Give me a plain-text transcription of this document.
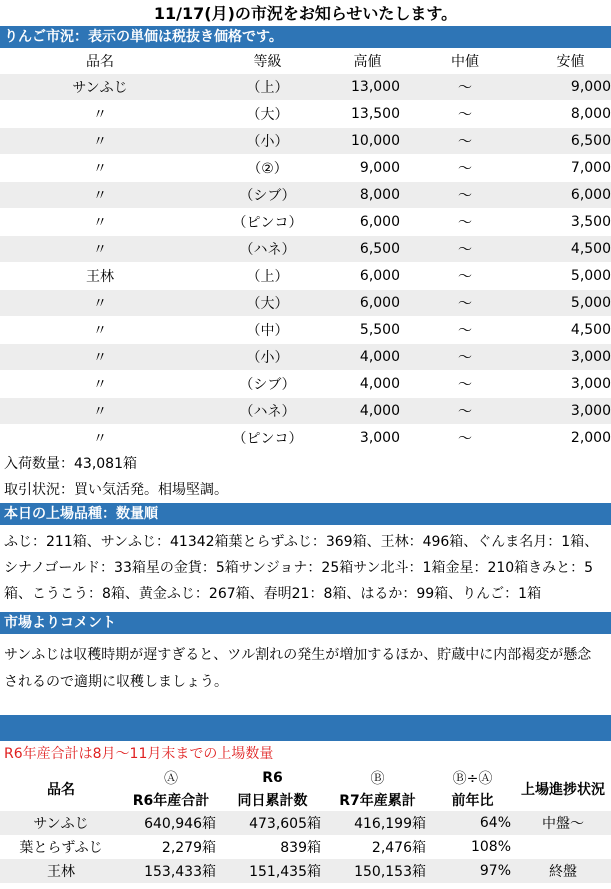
11/17(月)の市況をお知らせいたします。
りんご市況：表示の単価は税抜き価格です。
品名	等級	高値	中値	安値
サンふじ	（上）	13,000	～	9,000
〃	（大）	13,500	～	8,000
〃	（小）	10,000	～	6,500
〃	（②）	9,000	～	7,000
〃	（シブ）	8,000	～	6,000
〃	（ピンコ）	6,000	～	3,500
〃	（ハネ）	6,500	～	4,500
王林	（上）	6,000	～	5,000
〃	（大）	6,000	～	5,000
〃	（中）	5,500	～	4,500
〃	（小）	4,000	～	3,000
〃	（シブ）	4,000	～	3,000
〃	（ハネ）	4,000	～	3,000
〃	（ピンコ）	3,000	～	2,000
入荷数量：43,081箱
取引状況：買い気活発。相場堅調。
本日の上場品種：数量順
ふじ：211箱、サンふじ：41342箱葉とらずふじ：369箱、王林：496箱、ぐんま名月：1箱、シナノゴールド：33箱星の金貨：5箱サンジョナ：25箱サン北斗：1箱金星：210箱きみと：5箱、こうこう：8箱、黄金ふじ：267箱、春明21：8箱、はるか：99箱、りんご：1箱
市場よりコメント
サンふじは収穫時期が遅すぎると、ツル割れの発生が増加するほか、貯蔵中に内部褐変が懸念されるので適期に収穫しましょう。
R6年産合計は8月～11月末までの上場数量
品名	Ⓐ	R6	Ⓑ	Ⓑ÷Ⓐ	上場進捗状況
	R6年産合計	同日累計数	R7年産累計	前年比	
サンふじ	640,946箱	473,605箱	416,199箱	64%	中盤～
葉とらずふじ	2,279箱	839箱	2,476箱	108%	
王林	153,433箱	151,435箱	150,153箱	97%	終盤
